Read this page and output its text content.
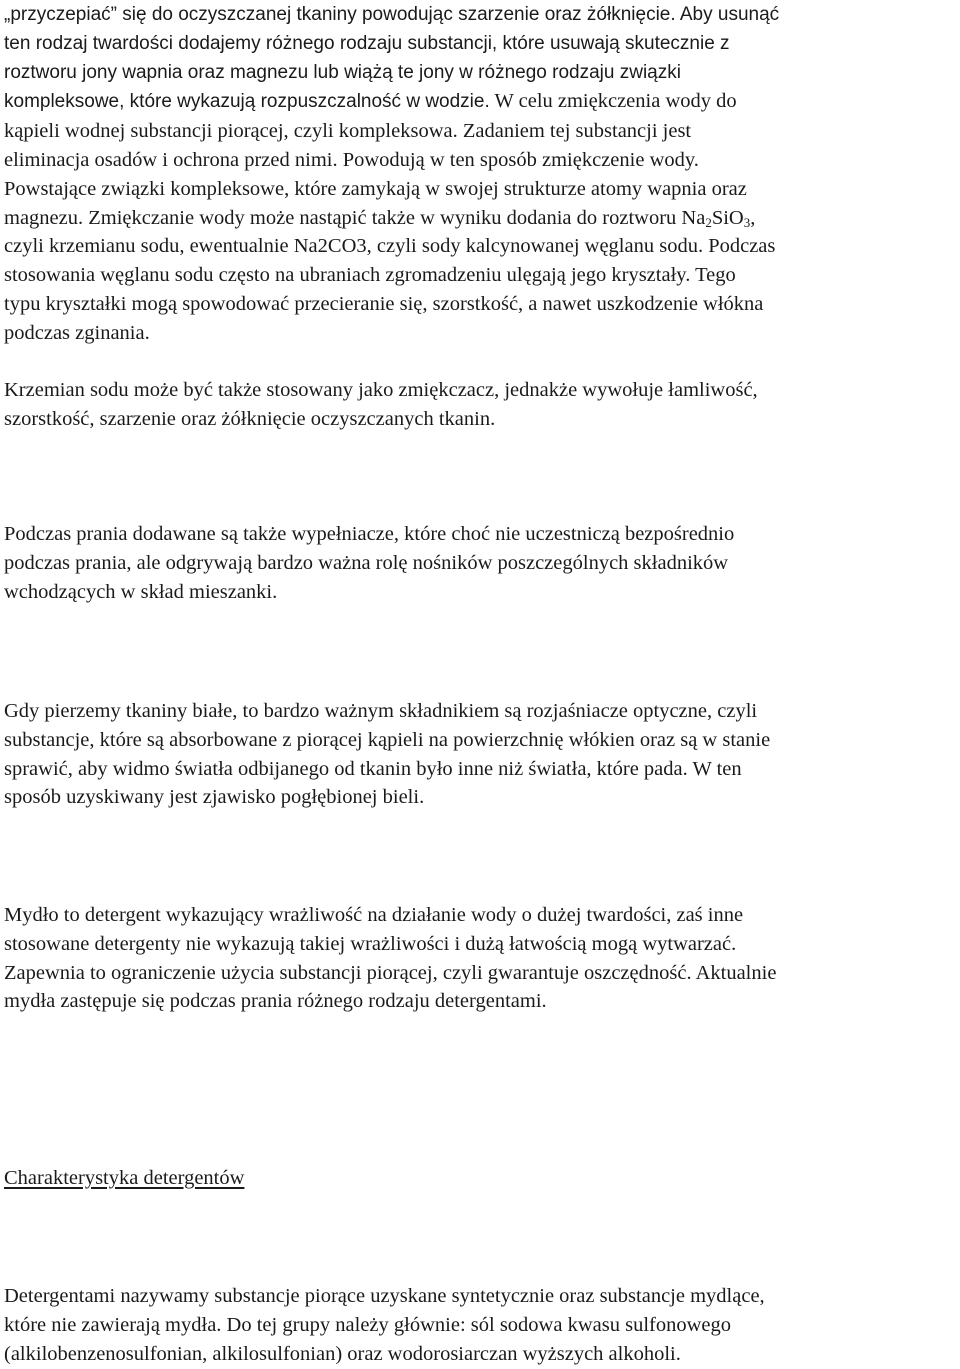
„przyczepiać” się do oczyszczanej tkaniny powodując szarzenie oraz żółknięcie. Aby usunąć
ten rodzaj twardości dodajemy różnego rodzaju substancji, które usuwają skutecznie z
roztworu jony wapnia oraz magnezu lub wiążą te jony w różnego rodzaju związki
kompleksowe, które wykazują rozpuszczalność w wodzie. W celu zmiękczenia wody do
kąpieli wodnej substancji piorącej, czyli kompleksowa. Zadaniem tej substancji jest
eliminacja osadów i ochrona przed nimi. Powodują w ten sposób zmiękczenie wody.
Powstające związki kompleksowe, które zamykają w swojej strukturze atomy wapnia oraz
magnezu. Zmiękczanie wody może nastąpić także w wyniku dodania do roztworu $Na_2SiO_3$,
czyli krzemianu sodu, ewentualnie Na2CO3, czyli sody kalcynowanej węglanu sodu. Podczas
stosowania węglanu sodu często na ubraniach zgromadzeniu ulęgają jego kryształy. Tego
typu kryształki mogą spowodować przecieranie się, szorstkość, a nawet uszkodzenie włókna
podczas zginania.

Krzemian sodu może być także stosowany jako zmiękczacz, jednakże wywołuje łamliwość,
szorstkość, szarzenie oraz żółknięcie oczyszczanych tkanin.

Podczas prania dodawane są także wypełniacze, które choć nie uczestniczą bezpośrednio
podczas prania, ale odgrywają bardzo ważna rolę nośników poszczególnych składników
wchodzących w skład mieszanki.

Gdy pierzemy tkaniny białe, to bardzo ważnym składnikiem są rozjaśniacze optyczne, czyli
substancje, które są absorbowane z piorącej kąpieli na powierzchnię włókien oraz są w stanie
sprawić, aby widmo światła odbijanego od tkanin było inne niż światła, które pada. W ten
sposób uzyskiwany jest zjawisko pogłębionej bieli.

Mydło to detergent wykazujący wrażliwość na działanie wody o dużej twardości, zaś inne
stosowane detergenty nie wykazują takiej wrażliwości i dużą łatwością mogą wytwarzać.
Zapewnia to ograniczenie użycia substancji piorącej, czyli gwarantuje oszczędność. Aktualnie
mydła zastępuje się podczas prania różnego rodzaju detergentami.

Charakterystyka detergentów

Detergentami nazywamy substancje piorące uzyskane syntetycznie oraz substancje mydlące,
które nie zawierają mydła. Do tej grupy należy głównie: sól sodowa kwasu sulfonowego
(alkilobenzenosulfonian, alkilosulfonian) oraz wodorosiarczan wyższych alkoholi.
